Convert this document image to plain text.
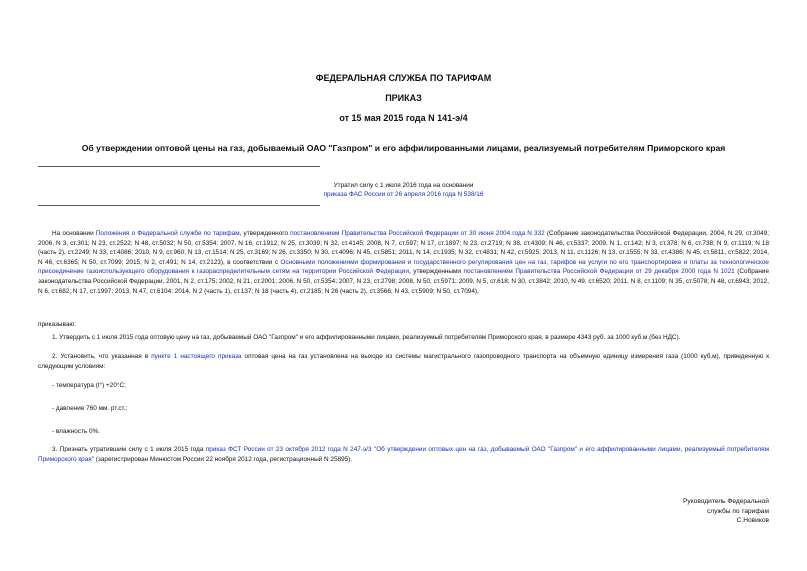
ФЕДЕРАЛЬНАЯ СЛУЖБА ПО ТАРИФАМ
ПРИКАЗ
от 15 мая 2015 года N 141-э/4
Об утверждении оптовой цены на газ, добываемый ОАО "Газпром" и его аффилированными лицами, реализуемый потребителям Приморского края
Утратил силу с 1 июля 2016 года на основании
приказа ФАС России от 26 апреля 2016 года N 538/16
На основании Положения о Федеральной службе по тарифам, утвержденного постановлением Правительства Российской Федерации от 30 июня 2004 года N 332 (Собрание законодательства Российской Федерации, 2004, N 29, ст.3049; 2006, N 3, ст.301; N 23, ст.2522; N 48, ст.5032; N 50, ст.5354; 2007, N 16, ст.1912; N 25, ст.3039; N 32, ст.4145; 2008, N 7, ст.597; N 17, ст.1897; N 23, ст.2719; N 38, ст.4309; N 46, ст.5337; 2009, N 1, ст.142; N 3, ст.378; N 6, ст.738; N 9, ст.1119; N 18 (часть 2), ст.2249; N 33, ст.4086; 2010, N 9, ст.960; N 13, ст.1514; N 25, ст.3169; N 26, ст.3350; N 30, ст.4096; N 45, ст.5851; 2011, N 14, ст.1935; N 32, ст.4831; N 42, ст.5925; 2013, N 11, ст.1126; N 13, ст.1555; N 33, ст.4386; N 45, ст.5811, ст.5822; 2014, N 46, ст.6365; N 50, ст.7099; 2015, N 2, ст.491; N 14, ст.2123), в соответствии с Основными положениями формирования и государственного регулирования цен на газ, тарифов на услуги по его транспортировке и платы за технологическое присоединение газоиспользующего оборудования к газораспределительным сетям на территории Российской Федерации, утвержденными постановлением Правительства Российской Федерации от 29 декабря 2000 года N 1021 (Собрание законодательства Российской Федерации, 2001, N 2, ст.175; 2002, N 21, ст.2001; 2006, N 50, ст.5354; 2007, N 23, ст.2798; 2008, N 50, ст.5971; 2009, N 5, ст.618; N 30, ст.3842; 2010, N 49, ст.6520; 2011, N 8, ст.1109; N 35, ст.5078; N 48, ст.6943; 2012, N 6, ст.682; N 17, ст.1997; 2013, N 47, ст.6104; 2014, N 2 (часть 1), ст.137; N 18 (часть 4), ст.2185; N 26 (часть 2), ст.3566; N 43, ст.5909; N 50, ст.7094),
приказываю:
1. Утвердить с 1 июля 2015 года оптовую цену на газ, добываемый ОАО "Газпром" и его аффилированными лицами, реализуемый потребителям Приморского края, в размере 4343 руб. за 1000 куб.м (без НДС).
2. Установить, что указанная в пункте 1 настоящего приказа оптовая цена на газ установлена на выходе из системы магистрального газопроводного транспорта на объемную единицу измерения газа (1000 куб.м), приведенную к следующим условиям:
- температура (t°) +20°С;
- давление 760 мм. рт.ст.;
- влажность 0%.
3. Признать утратившим силу с 1 июля 2015 года приказ ФСТ России от 23 октября 2012 года N 247-э/3 "Об утверждении оптовых цен на газ, добываемый ОАО "Газпром" и его аффилированными лицами, реализуемый потребителям Приморского края" (зарегистрирован Минюстом России 22 ноября 2012 года, регистрационный N 25895).
Руководитель Федеральной
службы по тарифам
С.Новиков
